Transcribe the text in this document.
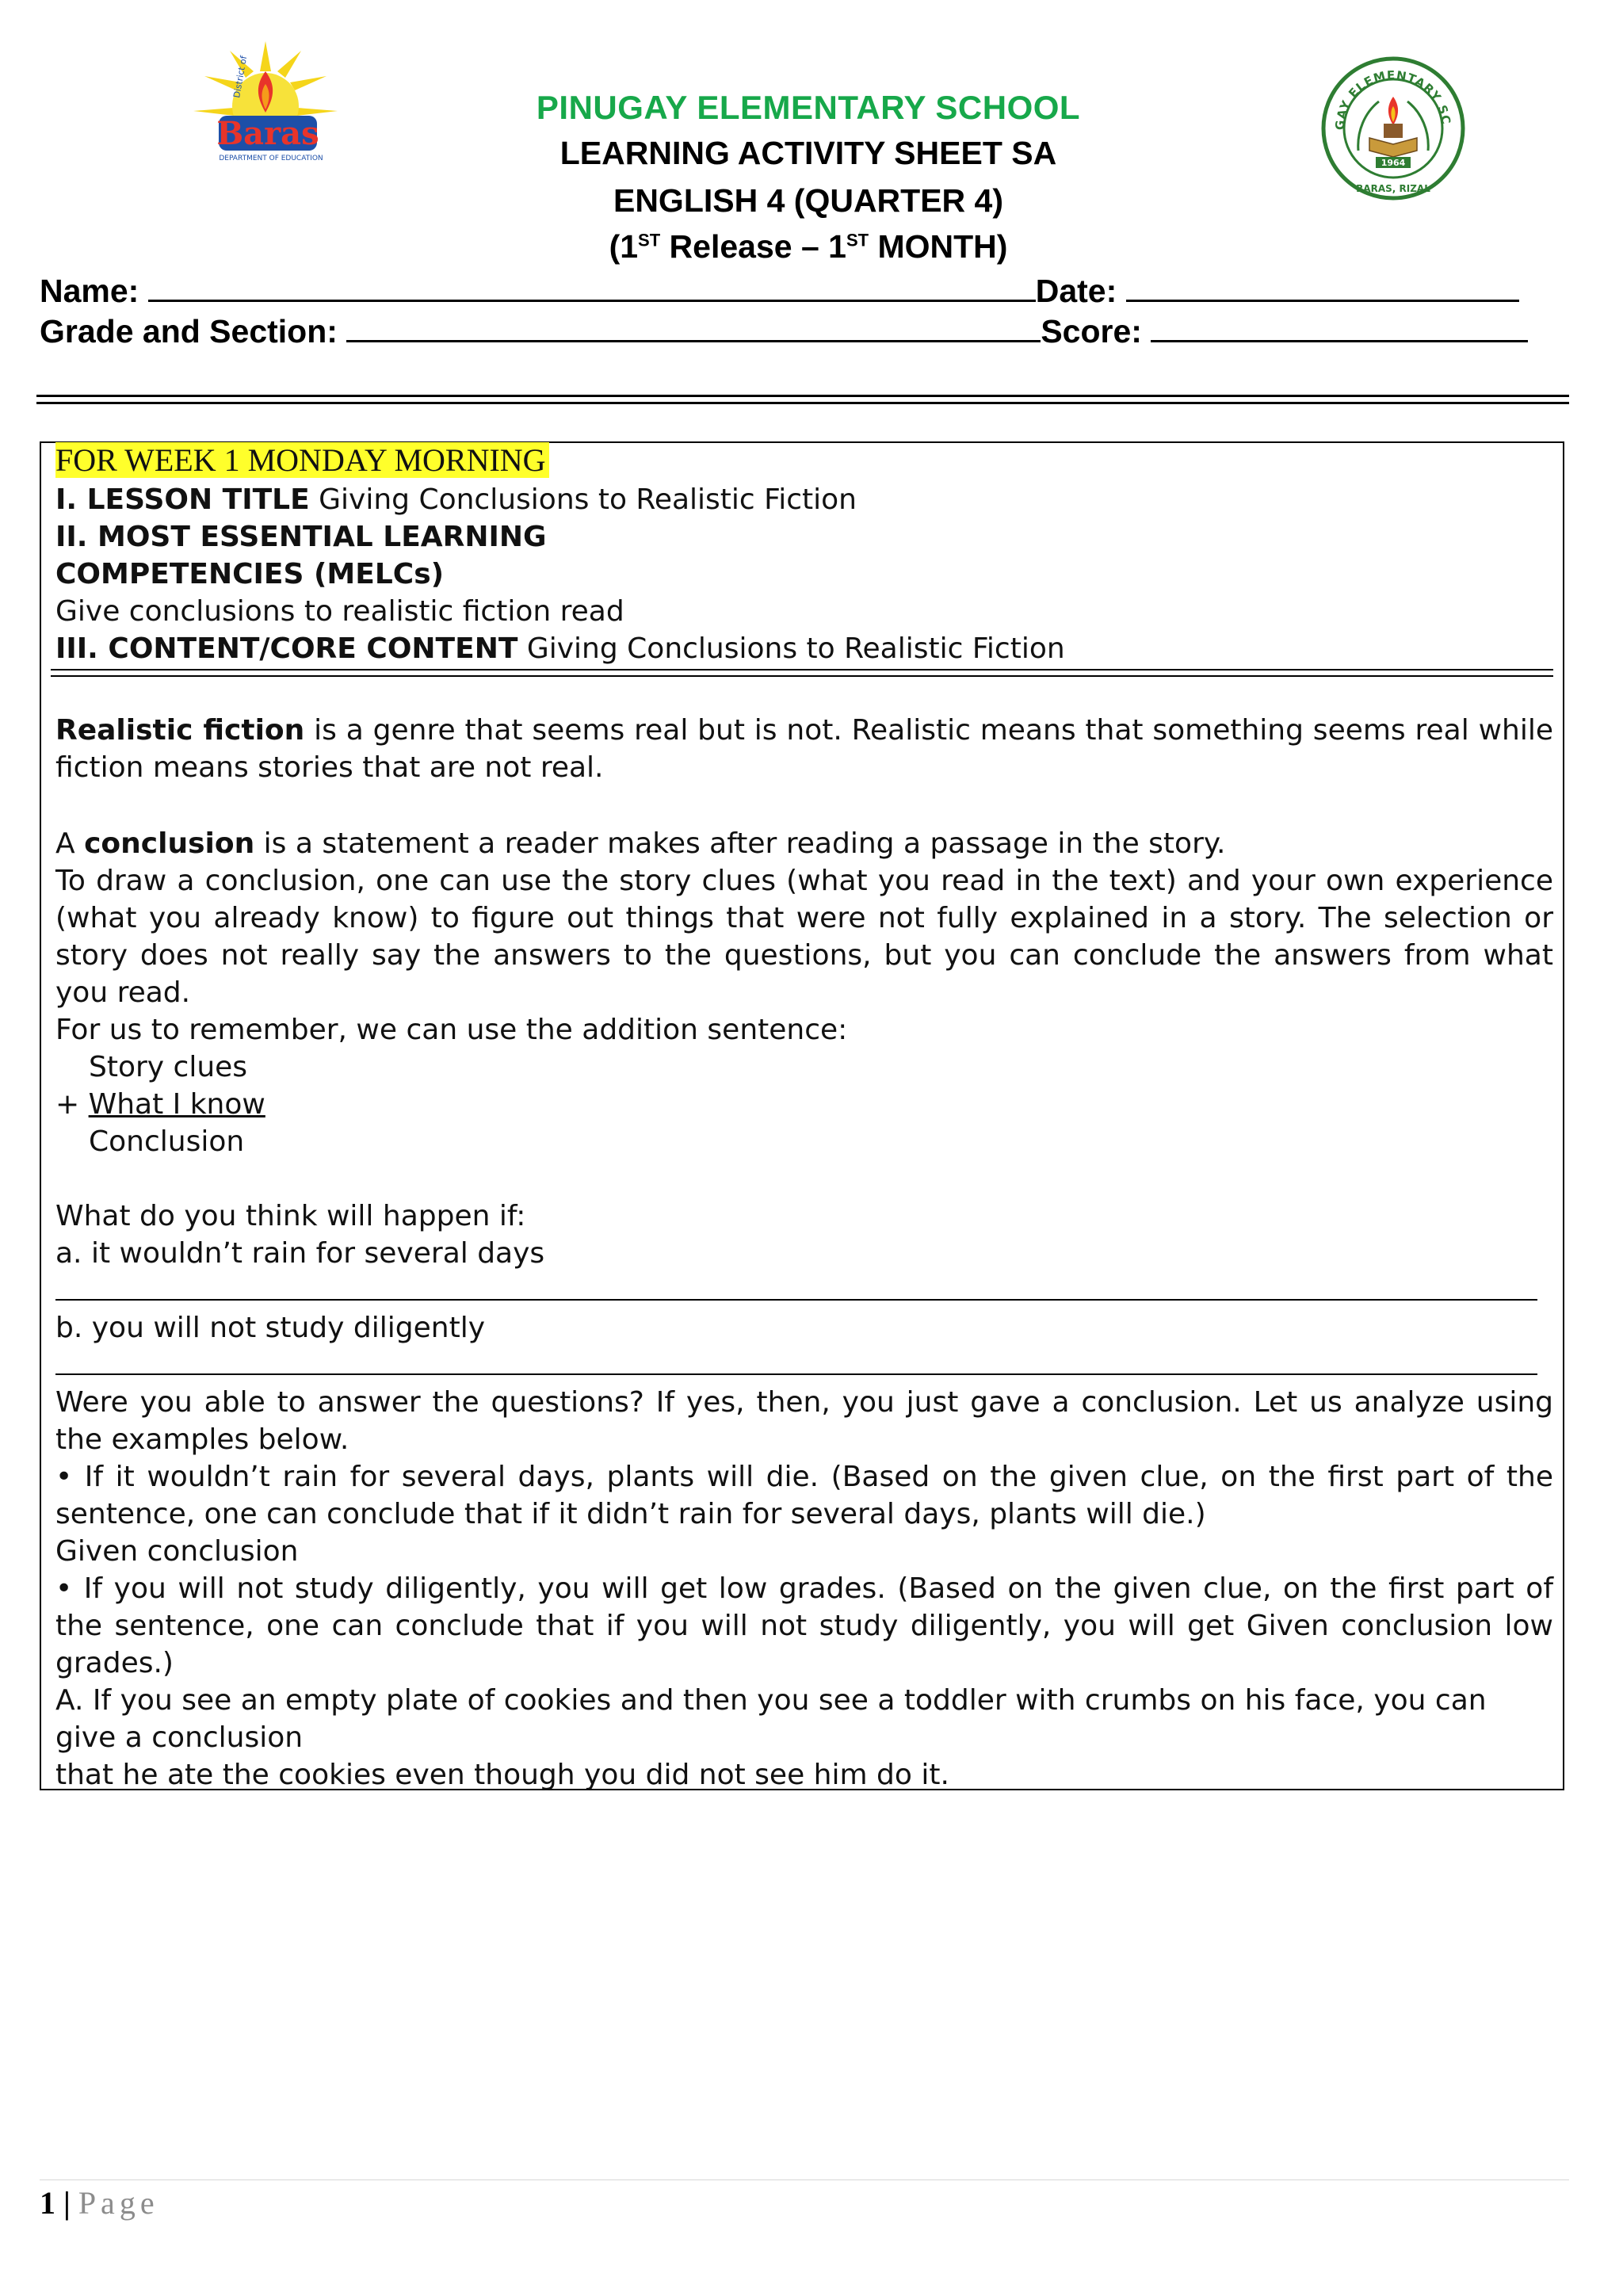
Baras
District of
DEPARTMENT OF EDUCATION
GAY ELEMENTARY SC
BARAS, RIZAL
1964
PINUGAY ELEMENTARY SCHOOL
LEARNING ACTIVITY SHEET SA
ENGLISH 4 (QUARTER 4)
(1ST Release – 1ST MONTH)
Name:	Date:
Grade and Section:	Score:
FOR WEEK 1 MONDAY MORNING
I. LESSON TITLE Giving Conclusions to Realistic Fiction
II. MOST ESSENTIAL LEARNING
COMPETENCIES (MELCs)
Give conclusions to realistic fiction read
III. CONTENT/CORE CONTENT Giving Conclusions to Realistic Fiction
Realistic fiction is a genre that seems real but is not. Realistic means that something seems real while fiction means stories that are not real.
A conclusion is a statement a reader makes after reading a passage in the story.
To draw a conclusion, one can use the story clues (what you read in the text) and your own experience (what you already know) to figure out things that were not fully explained in a story. The selection or story does not really say the answers to the questions, but you can conclude the answers from what you read.
For us to remember, we can use the addition sentence:
Story clues
+ What I know
Conclusion
What do you think will happen if:
a. it wouldn’t rain for several days
b. you will not study diligently
Were you able to answer the questions? If yes, then, you just gave a conclusion. Let us analyze using the examples below.
• If it wouldn’t rain for several days, plants will die. (Based on the given clue, on the first part of the sentence, one can conclude that if it didn’t rain for several days, plants will die.)
Given conclusion
• If you will not study diligently, you will get low grades. (Based on the given clue, on the first part of the sentence, one can conclude that if you will not study diligently, you will get Given conclusion low grades.)
A. If you see an empty plate of cookies and then you see a toddler with crumbs on his face, you can give a conclusion
that he ate the cookies even though you did not see him do it.
1 | Page
